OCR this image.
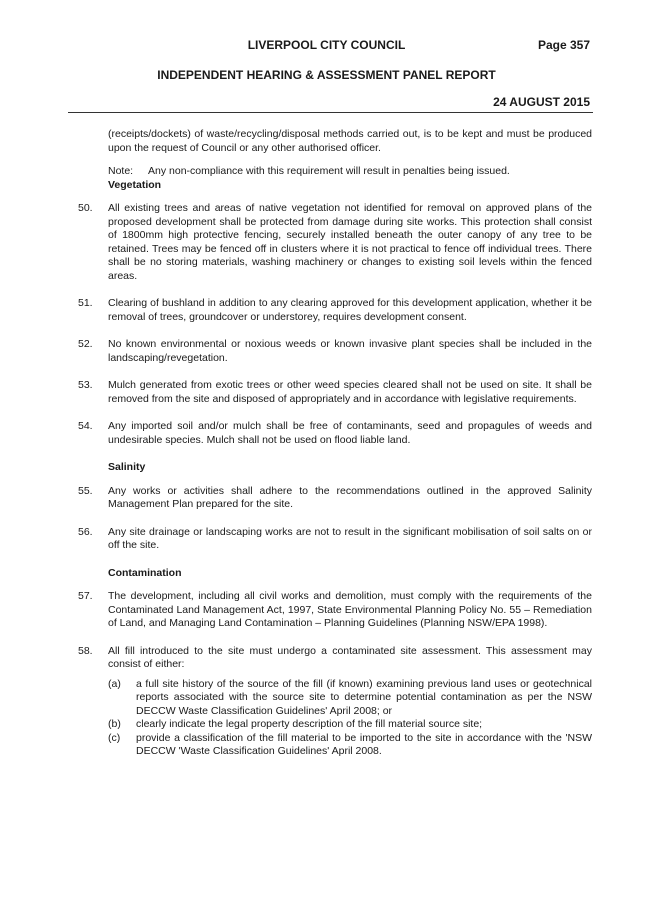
LIVERPOOL CITY COUNCIL	Page 357
INDEPENDENT HEARING & ASSESSMENT PANEL REPORT
24 AUGUST 2015

(receipts/dockets) of waste/recycling/disposal methods carried out, is to be kept and must be produced upon the request of Council or any other authorised officer.

Note: Any non-compliance with this requirement will result in penalties being issued.
Vegetation
50.	All existing trees and areas of native vegetation not identified for removal on approved plans of the proposed development shall be protected from damage during site works. This protection shall consist of 1800mm high protective fencing, securely installed beneath the outer canopy of any tree to be retained. Trees may be fenced off in clusters where it is not practical to fence off individual trees. There shall be no storing materials, washing machinery or changes to existing soil levels within the fenced areas.
51.	Clearing of bushland in addition to any clearing approved for this development application, whether it be removal of trees, groundcover or understorey, requires development consent.
52.	No known environmental or noxious weeds or known invasive plant species shall be included in the landscaping/revegetation.
53.	Mulch generated from exotic trees or other weed species cleared shall not be used on site. It shall be removed from the site and disposed of appropriately and in accordance with legislative requirements.
54.	Any imported soil and/or mulch shall be free of contaminants, seed and propagules of weeds and undesirable species. Mulch shall not be used on flood liable land.
Salinity
55.	Any works or activities shall adhere to the recommendations outlined in the approved Salinity Management Plan prepared for the site.
56.	Any site drainage or landscaping works are not to result in the significant mobilisation of soil salts on or off the site.
Contamination
57.	The development, including all civil works and demolition, must comply with the requirements of the Contaminated Land Management Act, 1997, State Environmental Planning Policy No. 55 – Remediation of Land, and Managing Land Contamination – Planning Guidelines (Planning NSW/EPA 1998).
58.	All fill introduced to the site must undergo a contaminated site assessment. This assessment may consist of either:
(a)	a full site history of the source of the fill (if known) examining previous land uses or geotechnical reports associated with the source site to determine potential contamination as per the NSW DECCW Waste Classification Guidelines' April 2008; or
(b)	clearly indicate the legal property description of the fill material source site;
(c)	provide a classification of the fill material to be imported to the site in accordance with the 'NSW DECCW 'Waste Classification Guidelines' April 2008.
